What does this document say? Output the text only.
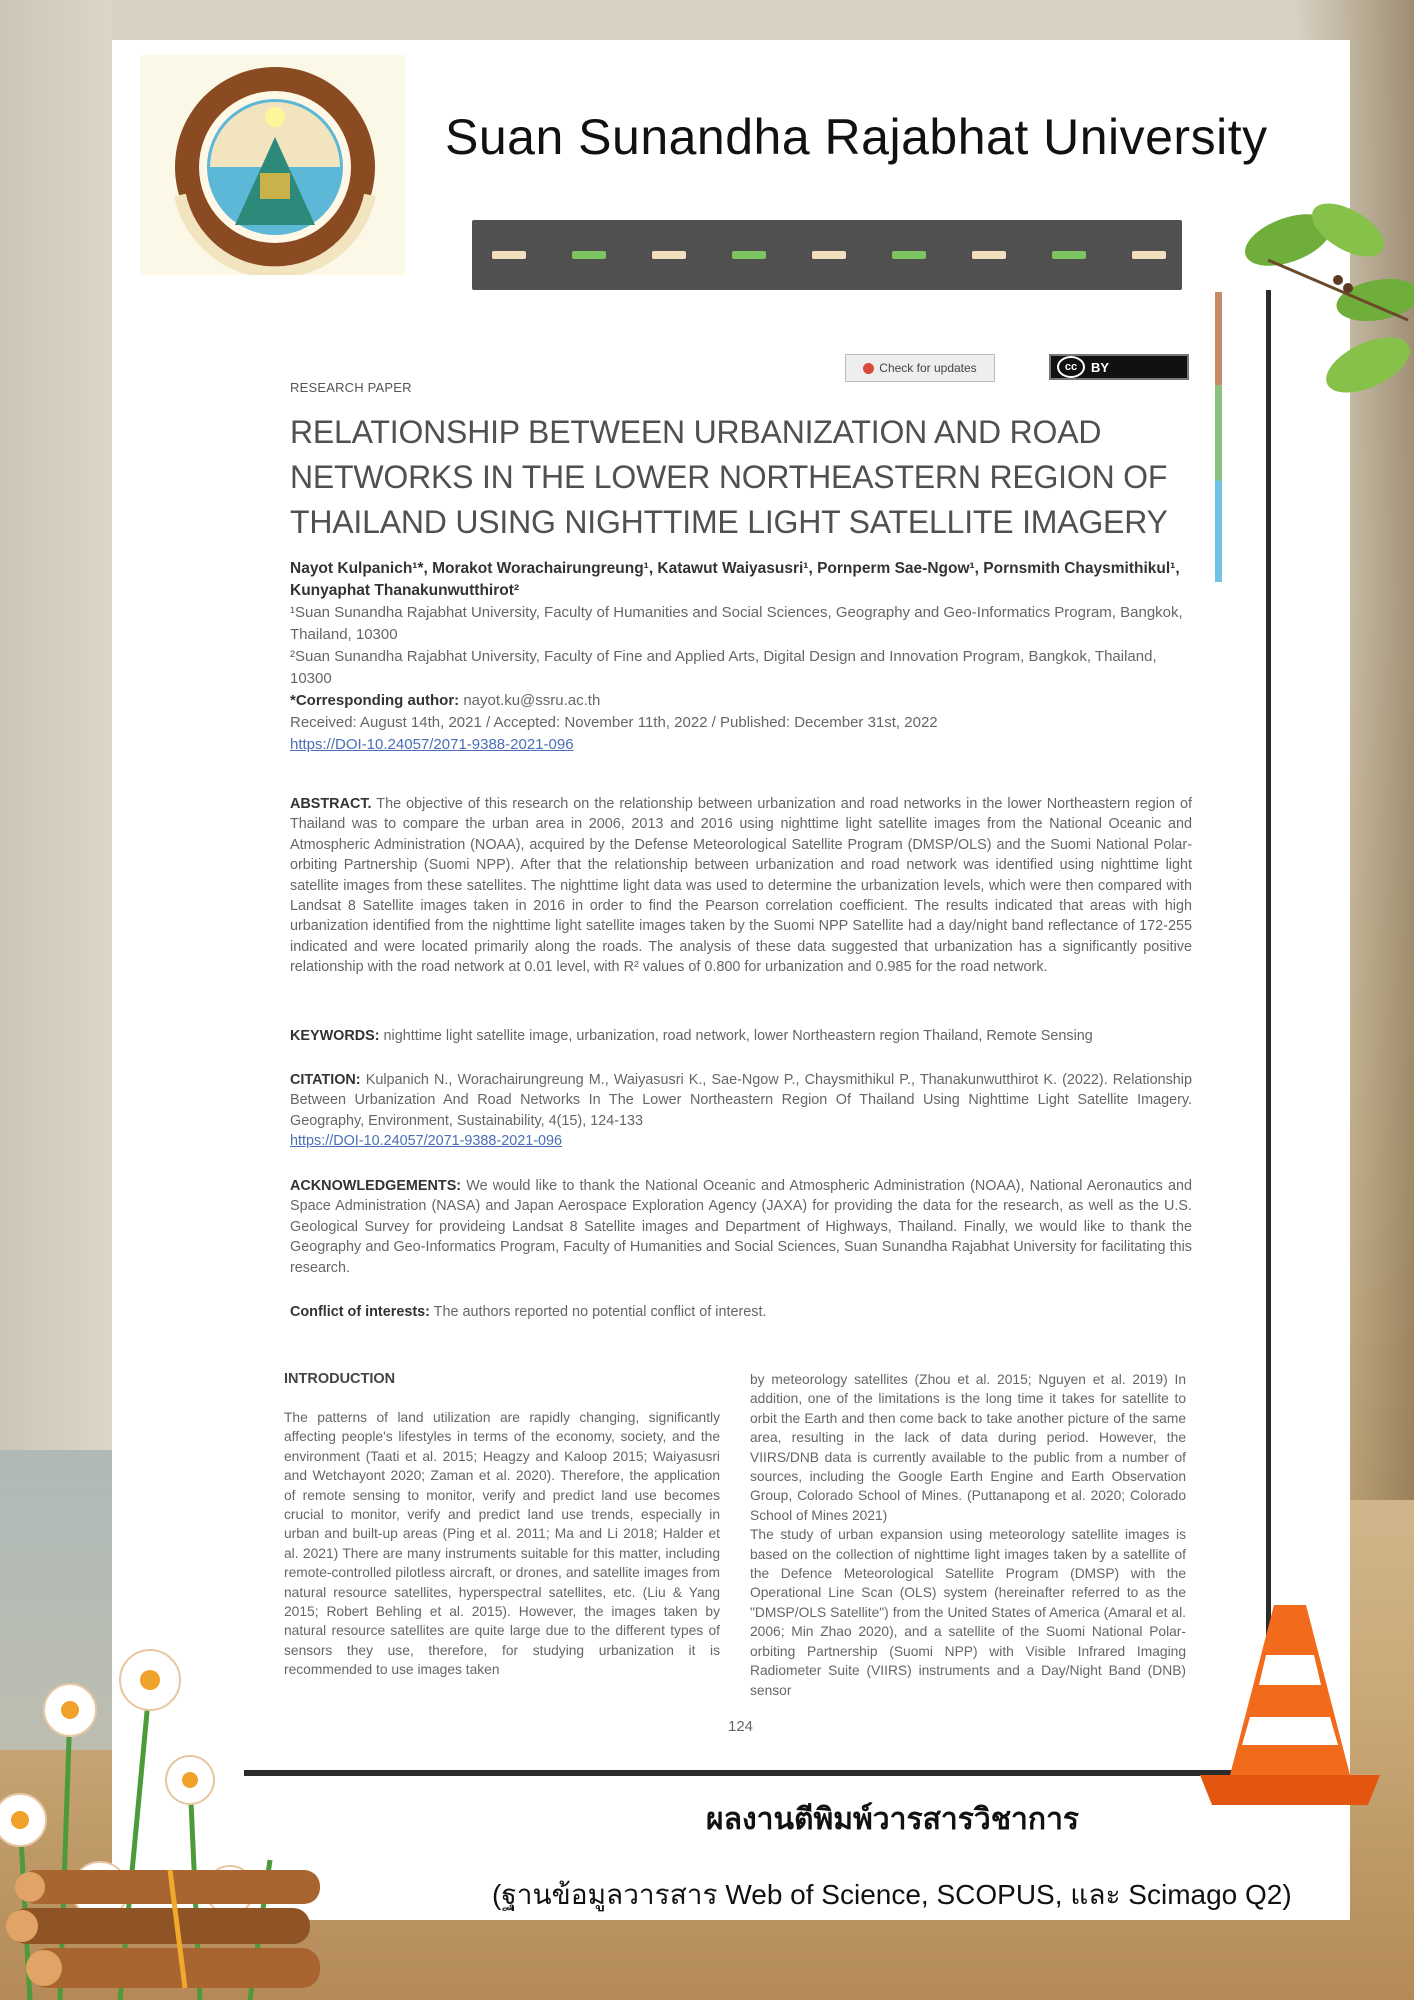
Suan Sunandha Rajabhat University
Check for updates	cc	BY
RESEARCH PAPER
RELATIONSHIP BETWEEN URBANIZATION AND ROAD
NETWORKS IN THE LOWER NORTHEASTERN REGION OF
THAILAND USING NIGHTTIME LIGHT SATELLITE IMAGERY
Nayot Kulpanich¹*, Morakot Worachairungreung¹, Katawut Waiyasusri¹, Pornperm Sae-Ngow¹, Pornsmith Chaysmithikul¹, Kunyaphat Thanakunwutthirot²
¹Suan Sunandha Rajabhat University, Faculty of Humanities and Social Sciences, Geography and Geo-Informatics Program, Bangkok, Thailand, 10300
²Suan Sunandha Rajabhat University, Faculty of Fine and Applied Arts, Digital Design and Innovation Program, Bangkok, Thailand, 10300
*Corresponding author: nayot.ku@ssru.ac.th
Received: August 14th, 2021 / Accepted: November 11th, 2022 / Published: December 31st, 2022
https://DOI-10.24057/2071-9388-2021-096
ABSTRACT. The objective of this research on the relationship between urbanization and road networks in the lower Northeastern region of Thailand was to compare the urban area in 2006, 2013 and 2016 using nighttime light satellite images from the National Oceanic and Atmospheric Administration (NOAA), acquired by the Defense Meteorological Satellite Program (DMSP/OLS) and the Suomi National Polar-orbiting Partnership (Suomi NPP). After that the relationship between urbanization and road network was identified using nighttime light satellite images from these satellites. The nighttime light data was used to determine the urbanization levels, which were then compared with Landsat 8 Satellite images taken in 2016 in order to find the Pearson correlation coefficient. The results indicated that areas with high urbanization identified from the nighttime light satellite images taken by the Suomi NPP Satellite had a day/night band reflectance of 172-255 indicated and were located primarily along the roads. The analysis of these data suggested that urbanization has a significantly positive relationship with the road network at 0.01 level, with R² values of 0.800 for urbanization and 0.985 for the road network.
KEYWORDS: nighttime light satellite image, urbanization, road network, lower Northeastern region Thailand, Remote Sensing
CITATION: Kulpanich N., Worachairungreung M., Waiyasusri K., Sae-Ngow P., Chaysmithikul P., Thanakunwutthirot K. (2022). Relationship Between Urbanization And Road Networks In The Lower Northeastern Region Of Thailand Using Nighttime Light Satellite Imagery. Geography, Environment, Sustainability, 4(15), 124-133
https://DOI-10.24057/2071-9388-2021-096
ACKNOWLEDGEMENTS: We would like to thank the National Oceanic and Atmospheric Administration (NOAA), National Aeronautics and Space Administration (NASA) and Japan Aerospace Exploration Agency (JAXA) for providing the data for the research, as well as the U.S. Geological Survey for provideing Landsat 8 Satellite images and Department of Highways, Thailand. Finally, we would like to thank the Geography and Geo-Informatics Program, Faculty of Humanities and Social Sciences, Suan Sunandha Rajabhat University for facilitating this research.
Conflict of interests: The authors reported no potential conflict of interest.
INTRODUCTION
The patterns of land utilization are rapidly changing, significantly affecting people's lifestyles in terms of the economy, society, and the environment (Taati et al. 2015; Heagzy and Kaloop 2015; Waiyasusri and Wetchayont 2020; Zaman et al. 2020). Therefore, the application of remote sensing to monitor, verify and predict land use becomes crucial to monitor, verify and predict land use trends, especially in urban and built-up areas (Ping et al. 2011; Ma and Li 2018; Halder et al. 2021) There are many instruments suitable for this matter, including remote-controlled pilotless aircraft, or drones, and satellite images from natural resource satellites, hyperspectral satellites, etc. (Liu & Yang 2015; Robert Behling et al. 2015). However, the images taken by natural resource satellites are quite large due to the different types of sensors they use, therefore, for studying urbanization it is recommended to use images taken
by meteorology satellites (Zhou et al. 2015; Nguyen et al. 2019) In addition, one of the limitations is the long time it takes for satellite to orbit the Earth and then come back to take another picture of the same area, resulting in the lack of data during period. However, the VIIRS/DNB data is currently available to the public from a number of sources, including the Google Earth Engine and Earth Observation Group, Colorado School of Mines. (Puttanapong et al. 2020; Colorado School of Mines 2021)
The study of urban expansion using meteorology satellite images is based on the collection of nighttime light images taken by a satellite of the Defence Meteorological Satellite Program (DMSP) with the Operational Line Scan (OLS) system (hereinafter referred to as the "DMSP/OLS Satellite") from the United States of America (Amaral et al. 2006; Min Zhao 2020), and a satellite of the Suomi National Polar-orbiting Partnership (Suomi NPP) with Visible Infrared Imaging Radiometer Suite (VIIRS) instruments and a Day/Night Band (DNB) sensor
124
ผลงานตีพิมพ์วารสารวิชาการ
(ฐานข้อมูลวารสาร Web of Science, SCOPUS, และ Scimago Q2)
